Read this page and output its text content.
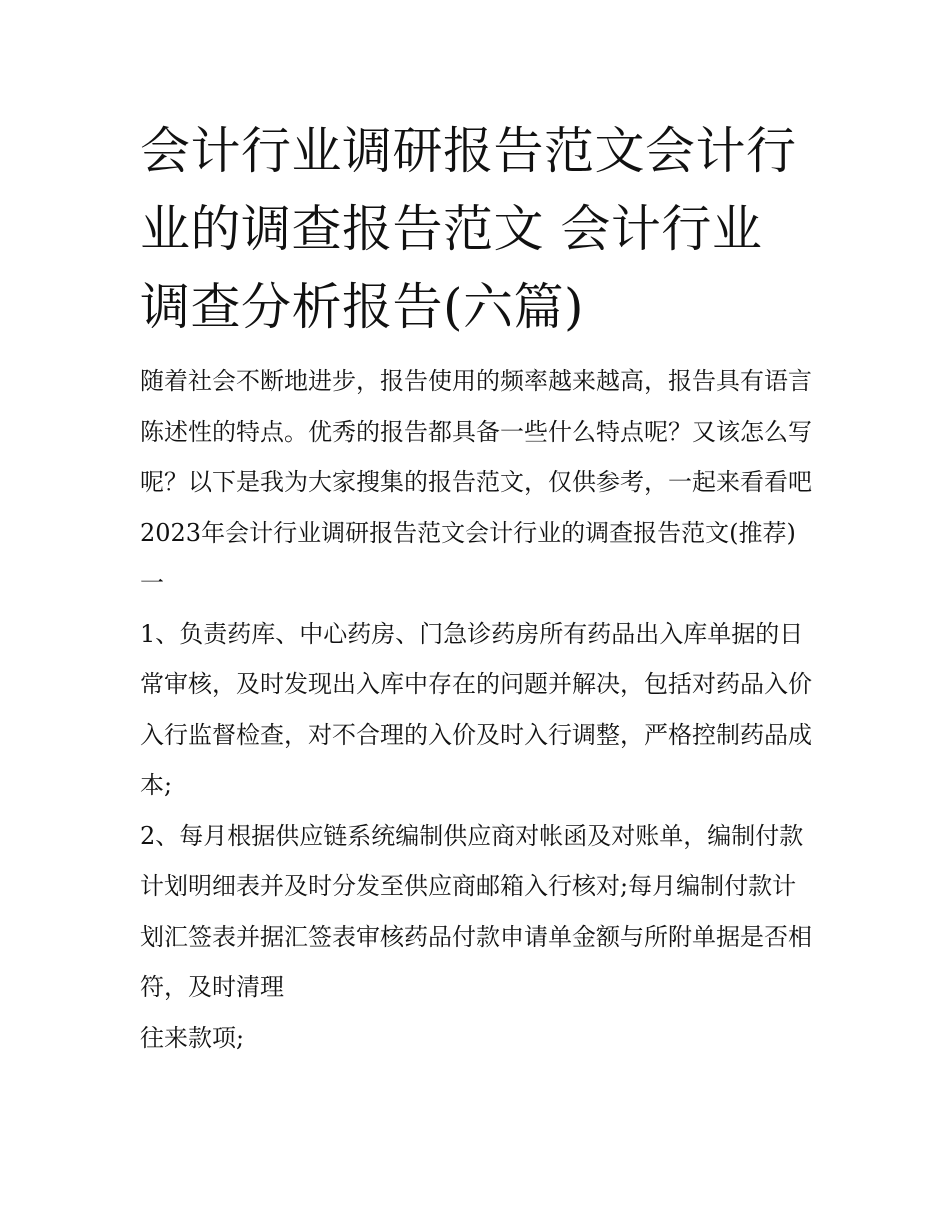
会计行业调研报告范文会计行业的调查报告范文 会计行业调查分析报告(六篇)

随着社会不断地进步，报告使用的频率越来越高，报告具有语言陈述性的特点。优秀的报告都具备一些什么特点呢？又该怎么写呢？以下是我为大家搜集的报告范文，仅供参考，一起来看看吧

2023年会计行业调研报告范文会计行业的调查报告范文(推荐)一

1、负责药库、中心药房、门急诊药房所有药品出入库单据的日常审核，及时发现出入库中存在的问题并解决，包括对药品入价入行监督检查，对不合理的入价及时入行调整，严格控制药品成本;

2、每月根据供应链系统编制供应商对帐函及对账单，编制付款计划明细表并及时分发至供应商邮箱入行核对;每月编制付款计划汇签表并据汇签表审核药品付款申请单金额与所附单据是否相符，及时清理

往来款项;
